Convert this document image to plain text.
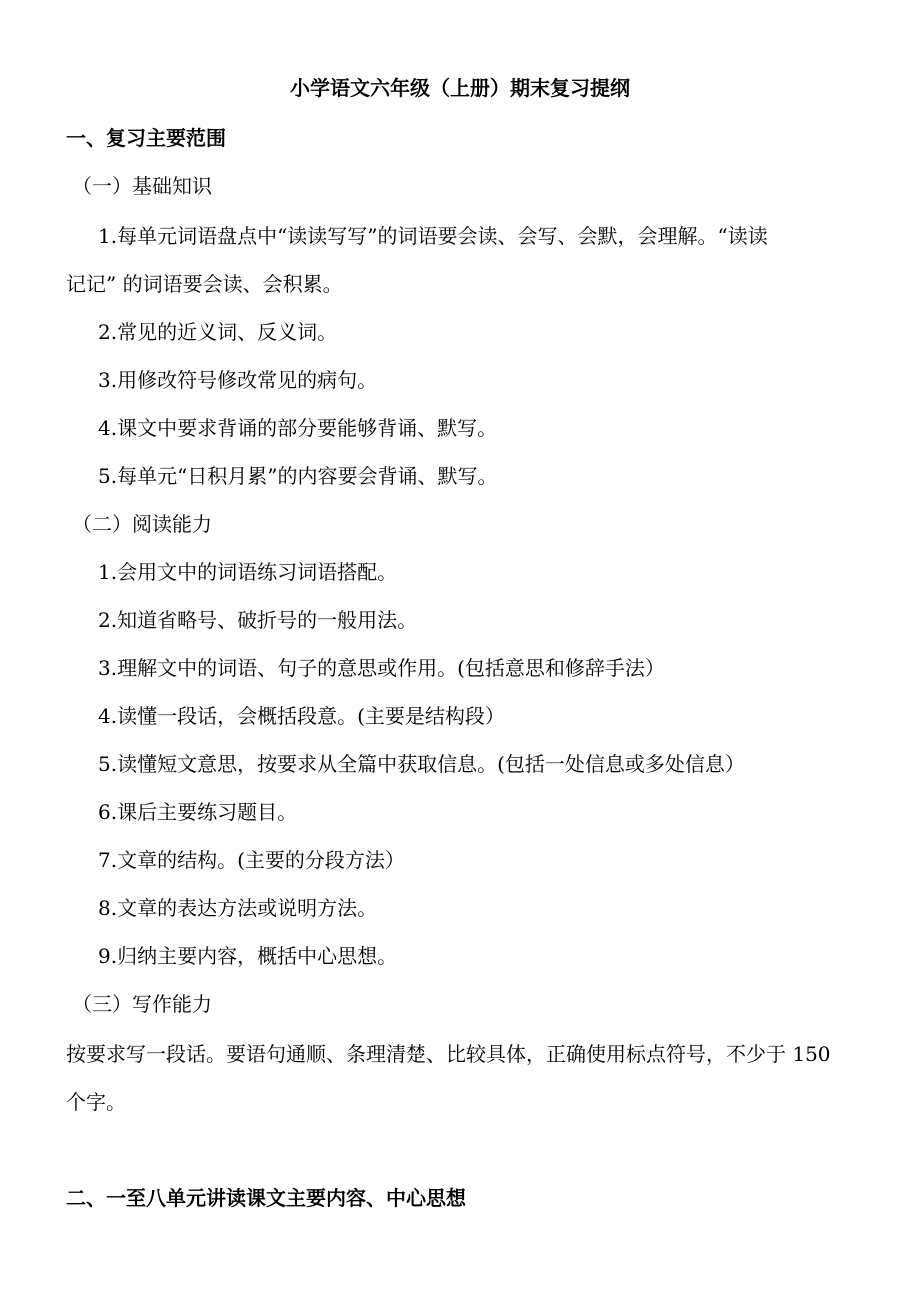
小学语文六年级（上册）期末复习提纲
一、复习主要范围
（一）基础知识
1.每单元词语盘点中“读读写写”的词语要会读、会写、会默，会理解。“读读
记记” 的词语要会读、会积累。
2.常见的近义词、反义词。
3.用修改符号修改常见的病句。
4.课文中要求背诵的部分要能够背诵、默写。
5.每单元“日积月累”的内容要会背诵、默写。
（二）阅读能力
1.会用文中的词语练习词语搭配。
2.知道省略号、破折号的一般用法。
3.理解文中的词语、句子的意思或作用。(包括意思和修辞手法）
4.读懂一段话，会概括段意。(主要是结构段）
5.读懂短文意思，按要求从全篇中获取信息。(包括一处信息或多处信息）
6.课后主要练习题目。
7.文章的结构。(主要的分段方法）
8.文章的表达方法或说明方法。
9.归纳主要内容，概括中心思想。
（三）写作能力
按要求写一段话。要语句通顺、条理清楚、比较具体，正确使用标点符号，不少于 150
个字。
二、一至八单元讲读课文主要内容、中心思想
